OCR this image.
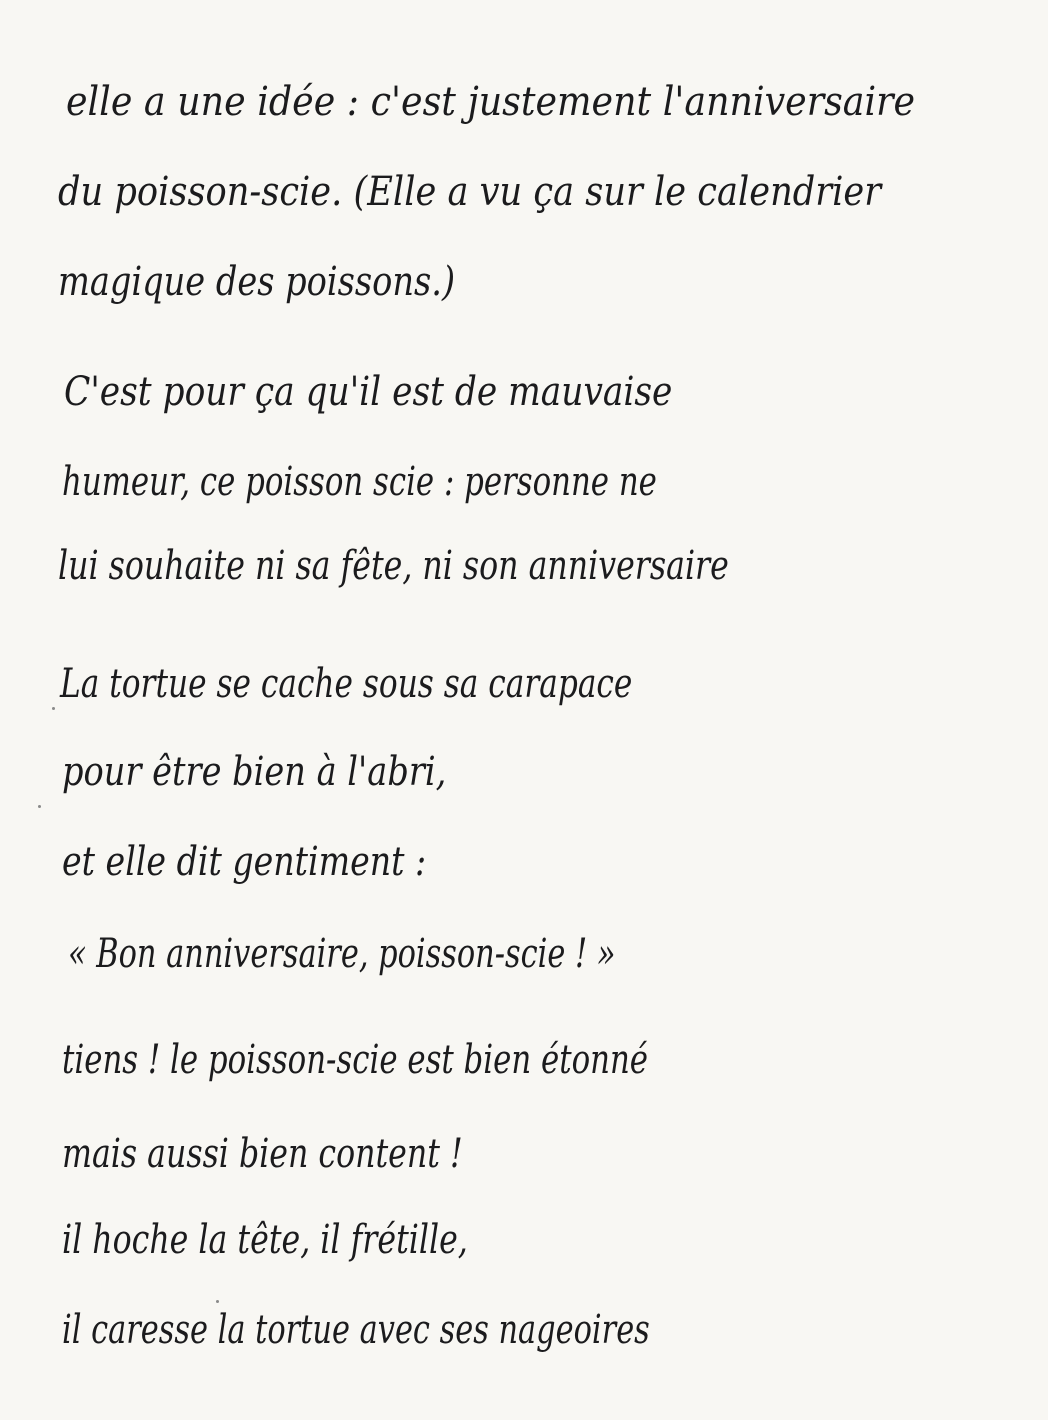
elle a une idée : c'est justement l'anniversaire
du poisson-scie. (Elle a vu ça sur le calendrier
magique des poissons.)
C'est pour ça qu'il est de mauvaise
humeur, ce poisson scie : personne ne
lui souhaite ni sa fête, ni son anniversaire
La tortue se cache sous sa carapace
pour être bien à l'abri,
et elle dit gentiment :
« Bon anniversaire, poisson-scie ! »
tiens ! le poisson-scie est bien étonné
mais aussi bien content !
il hoche la tête, il frétille,
il caresse la tortue avec ses nageoires
